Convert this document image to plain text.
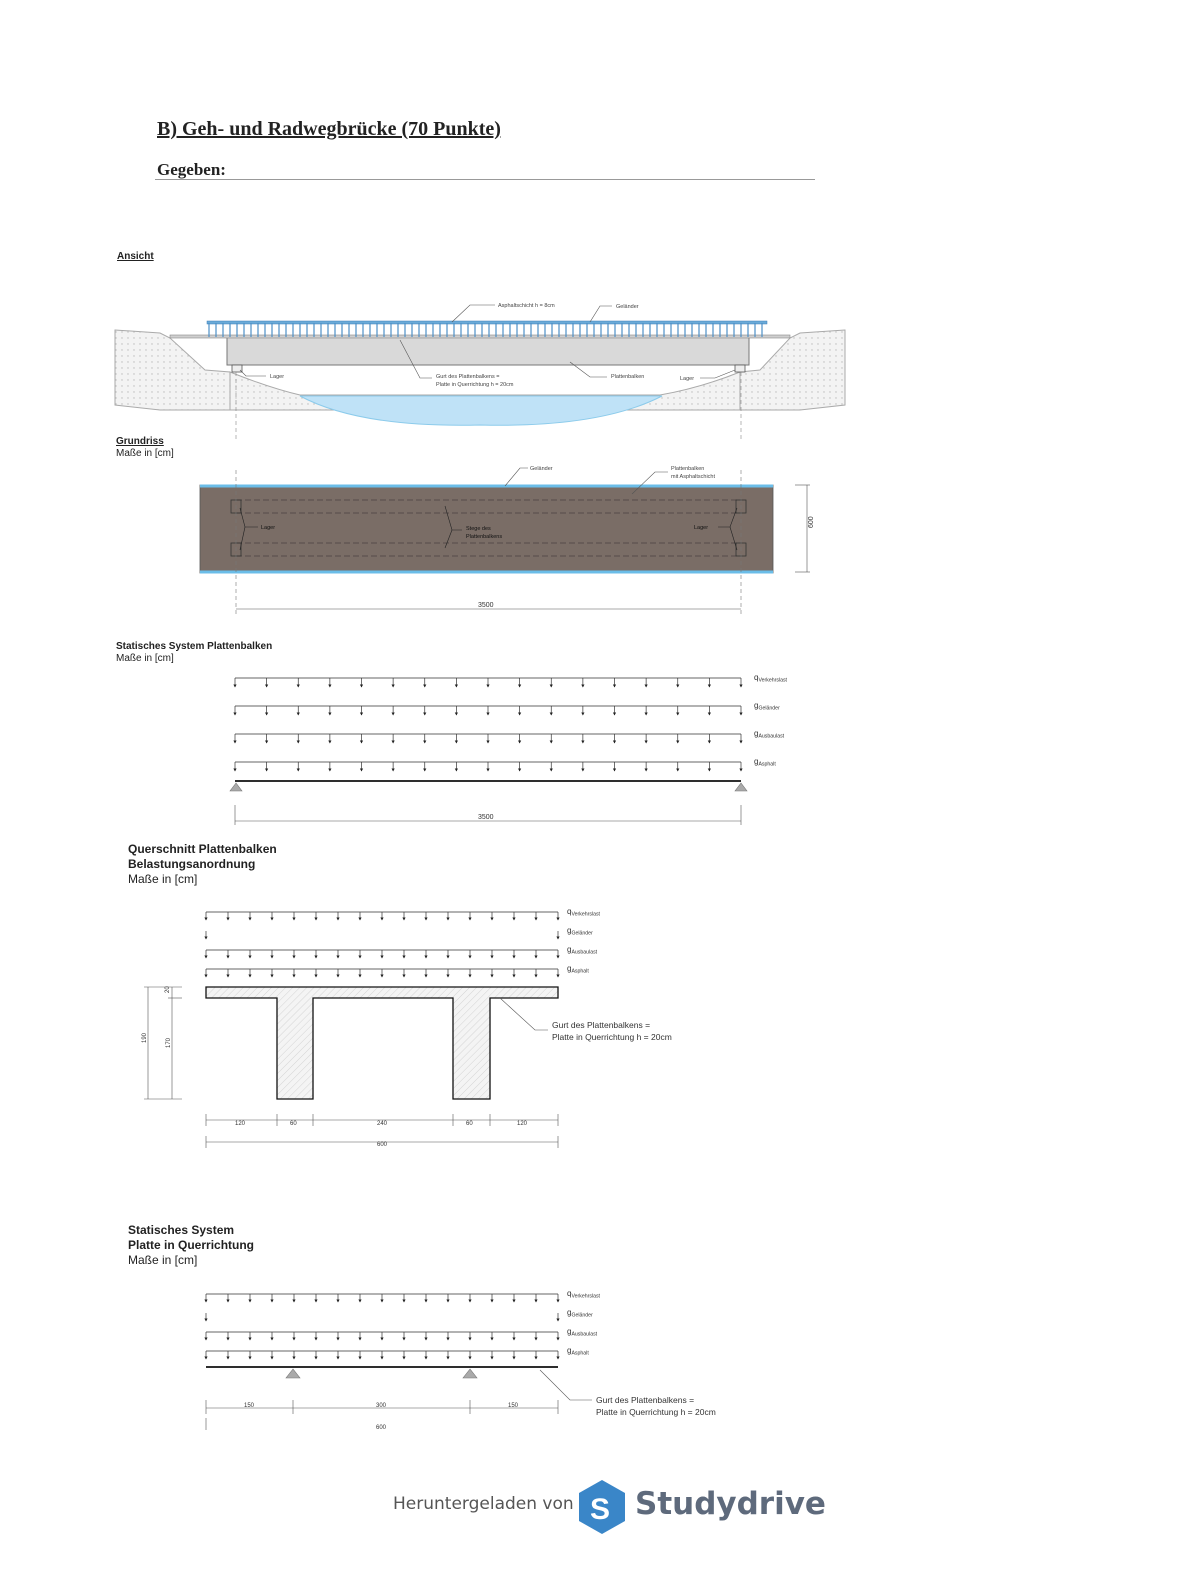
B) Geh- und Radwegbrücke (70 Punkte)
Gegeben:
Ansicht
Asphaltschicht h = 8cm	Geländer
Lager	Gurt des Plattenbalkens =
Platte in Querrichtung h = 20cm
Plattenbalken	Lager
Grundriss
Maße in [cm]
Geländer	Plattenbalken
mit Asphaltschicht
Lager	Stege des
Plattenbalkens
Lager	600
3500
Statisches System Plattenbalken
Maße in [cm]
qVerkehrslast
gGeländer
gAusbaulast
gAsphalt
3500
Querschnitt Plattenbalken
Belastungsanordnung
Maße in [cm]
qVerkehrslast
gGeländer
gAusbaulast
gAsphalt
Gurt des Plattenbalkens =
Platte in Querrichtung h = 20cm
190	170
20
120	60	240	60	120
600
Statisches System
Platte in Querrichtung
Maße in [cm]
qVerkehrslast
gGeländer
gAusbaulast
gAsphalt
Gurt des Plattenbalkens =
Platte in Querrichtung h = 20cm
150	300	150
600
Heruntergeladen von S Studydrive
